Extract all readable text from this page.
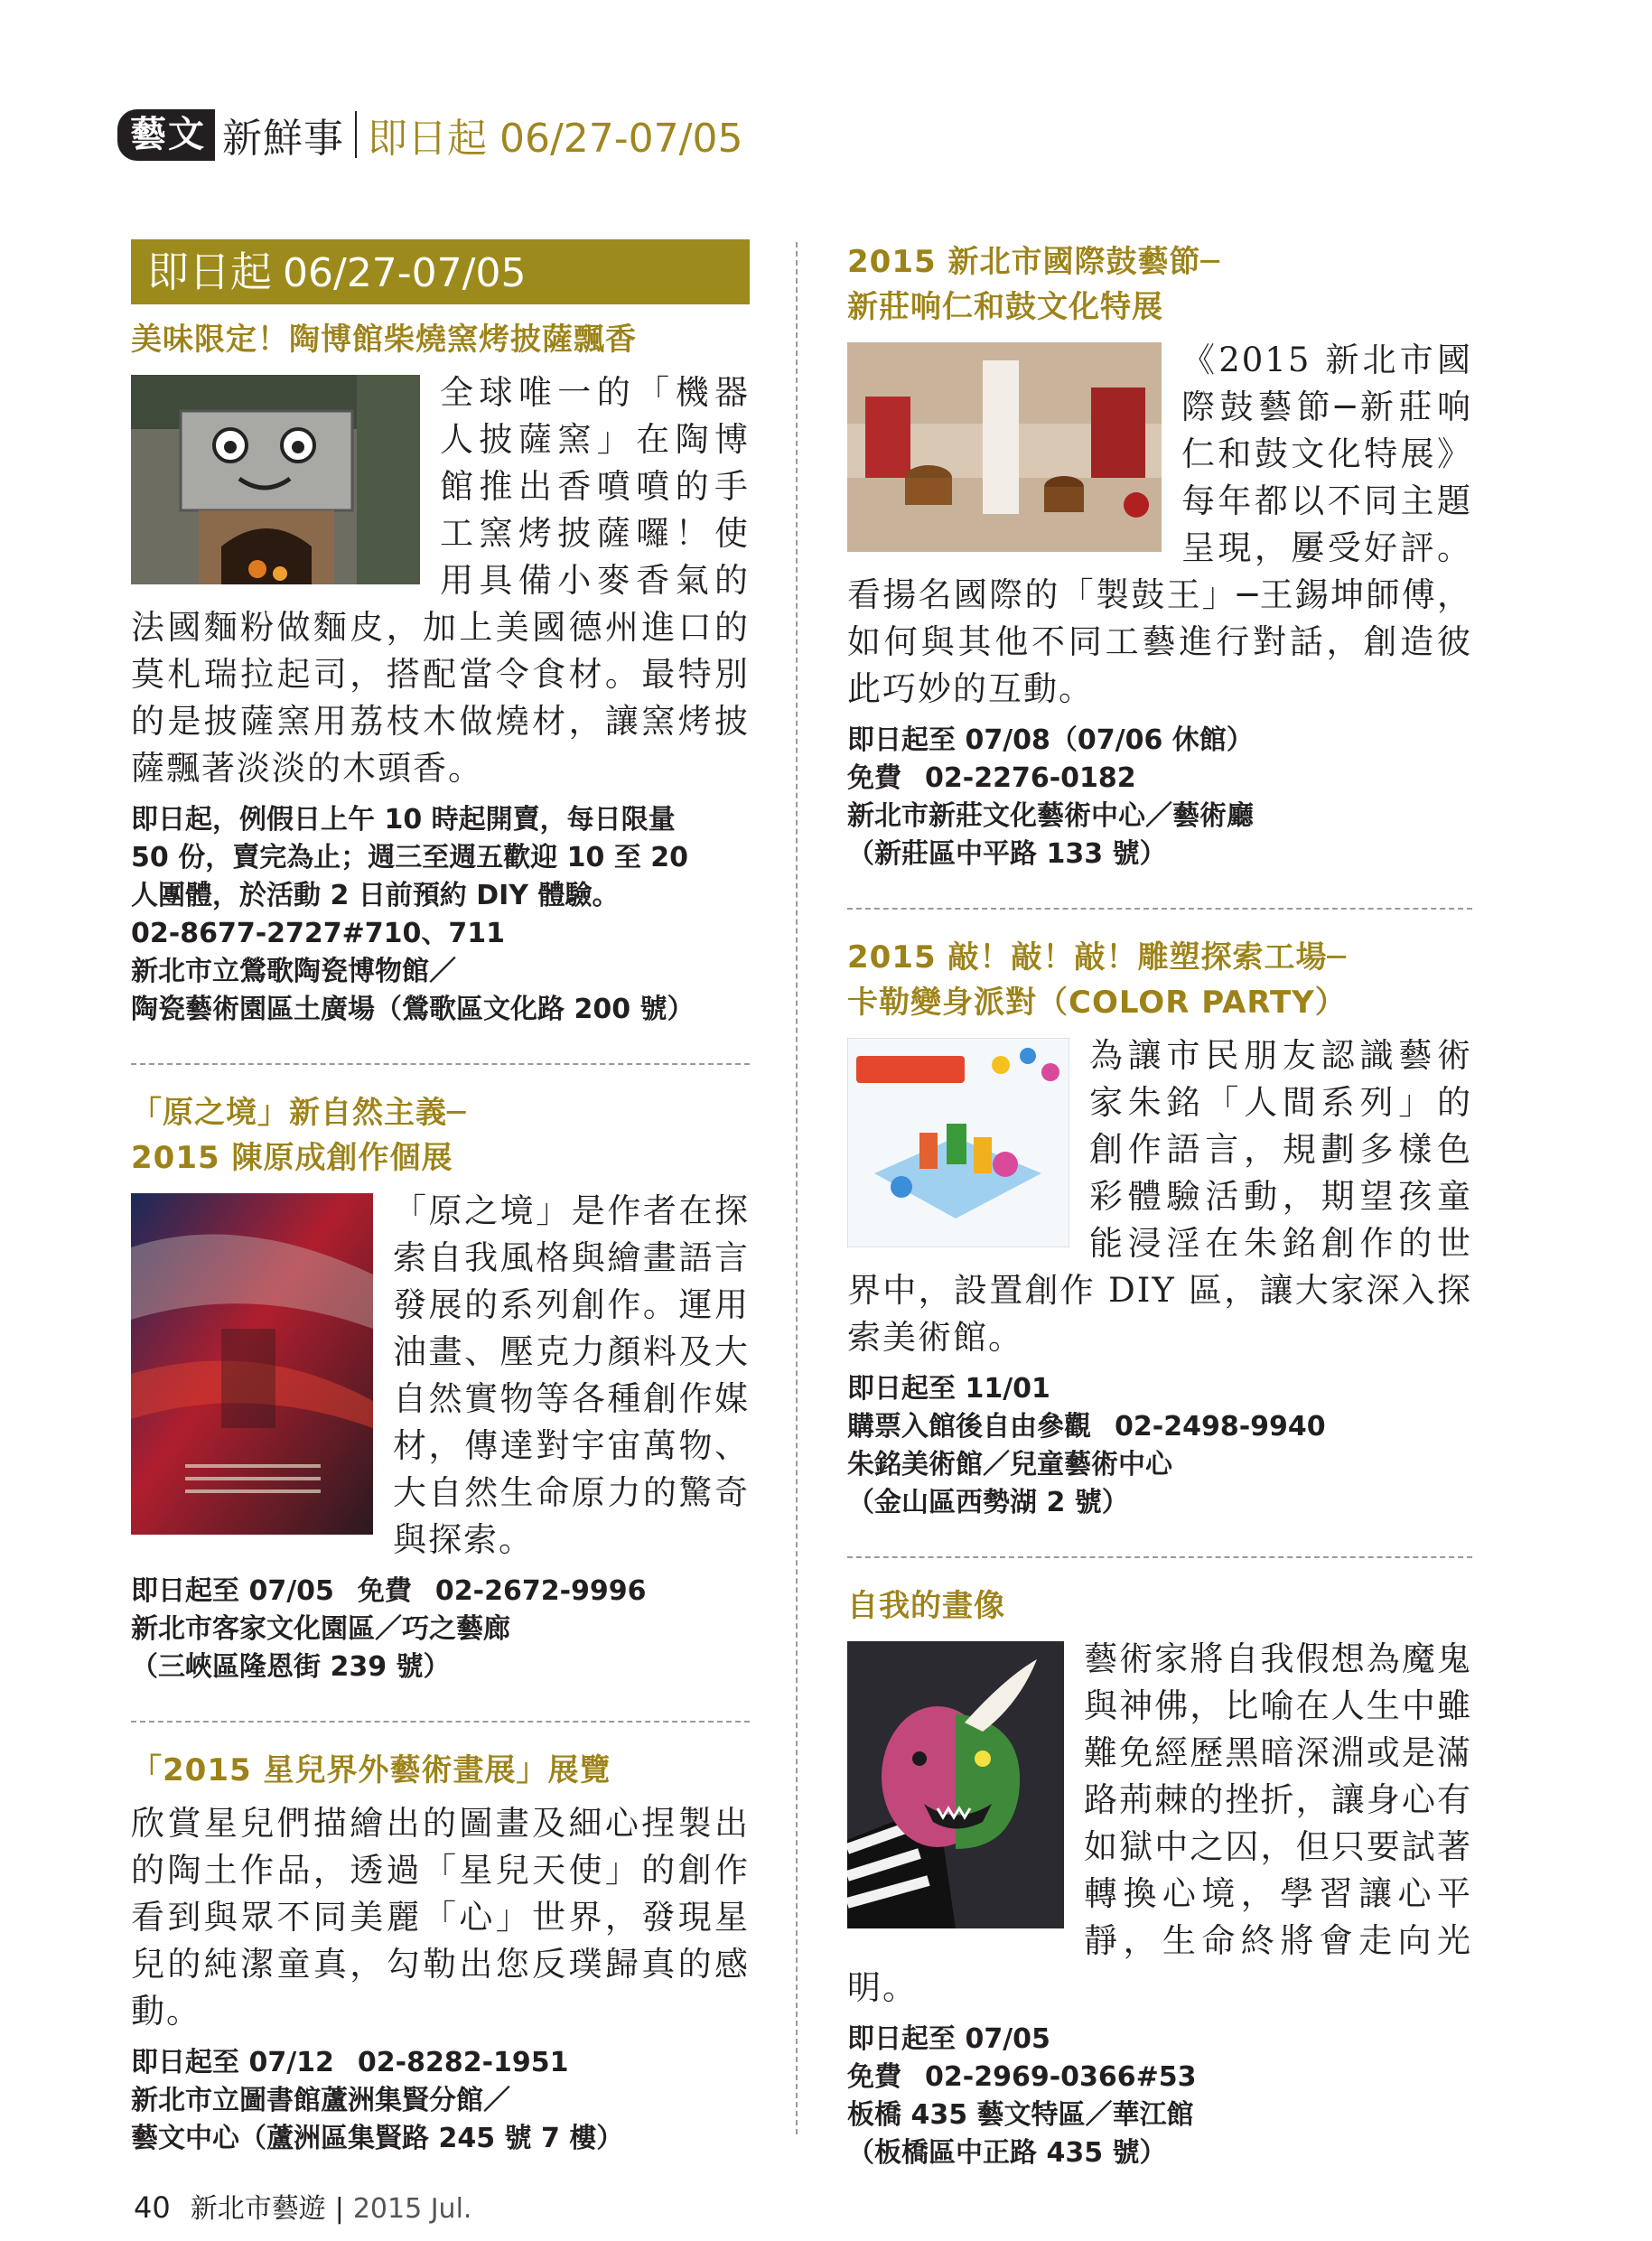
藝文 新鮮事 即日起 06/27-07/05
即日起 06/27-07/05
美味限定！陶博館柴燒窯烤披薩飄香
全球唯一的「機器人披薩窯」在陶博館推出香噴噴的手工窯烤披薩囉！使用具備小麥香氣的法國麵粉做麵皮，加上美國德州進口的莫札瑞拉起司，搭配當令食材。最特別的是披薩窯用荔枝木做燒材，讓窯烤披薩飄著淡淡的木頭香。
即日起，例假日上午 10 時起開賣，每日限量
50 份，賣完為止；週三至週五歡迎 10 至 20
人團體，於活動 2 日前預約 DIY 體驗。
02-8677-2727#710、711
新北市立鶯歌陶瓷博物館／
陶瓷藝術園區土廣場（鶯歌區文化路 200 號）
「原之境」新自然主義─
2015 陳原成創作個展
「原之境」是作者在探索自我風格與繪畫語言發展的系列創作。運用油畫、壓克力顏料及大自然實物等各種創作媒材，傳達對宇宙萬物、大自然生命原力的驚奇與探索。
即日起至 07/05 免費 02-2672-9996
新北市客家文化園區／巧之藝廊
（三峽區隆恩街 239 號）
「2015 星兒界外藝術畫展」展覽
欣賞星兒們描繪出的圖畫及細心捏製出的陶土作品，透過「星兒天使」的創作看到與眾不同美麗「心」世界，發現星兒的純潔童真，勾勒出您反璞歸真的感動。
即日起至 07/12 02-8282-1951
新北市立圖書館蘆洲集賢分館／
藝文中心（蘆洲區集賢路 245 號 7 樓）
2015 新北市國際鼓藝節─
新莊响仁和鼓文化特展
《2015 新北市國際鼓藝節─新莊响仁和鼓文化特展》每年都以不同主題呈現，屢受好評。看揚名國際的「製鼓王」─王錫坤師傅，如何與其他不同工藝進行對話，創造彼此巧妙的互動。
即日起至 07/08（07/06 休館）
免費 02-2276-0182
新北市新莊文化藝術中心／藝術廳
（新莊區中平路 133 號）
2015 敲！敲！敲！雕塑探索工場─
卡勒變身派對（COLOR PARTY）
為讓市民朋友認識藝術家朱銘「人間系列」的創作語言，規劃多樣色彩體驗活動，期望孩童能浸淫在朱銘創作的世界中，設置創作 DIY 區，讓大家深入探索美術館。
即日起至 11/01
購票入館後自由參觀 02-2498-9940
朱銘美術館／兒童藝術中心
（金山區西勢湖 2 號）
自我的畫像
藝術家將自我假想為魔鬼與神佛，比喻在人生中雖難免經歷黑暗深淵或是滿路荊棘的挫折，讓身心有如獄中之囚，但只要試著轉換心境，學習讓心平靜，生命終將會走向光明。
即日起至 07/05
免費 02-2969-0366#53
板橋 435 藝文特區／華江館
（板橋區中正路 435 號）
40 新北市藝遊 | 2015 Jul.
